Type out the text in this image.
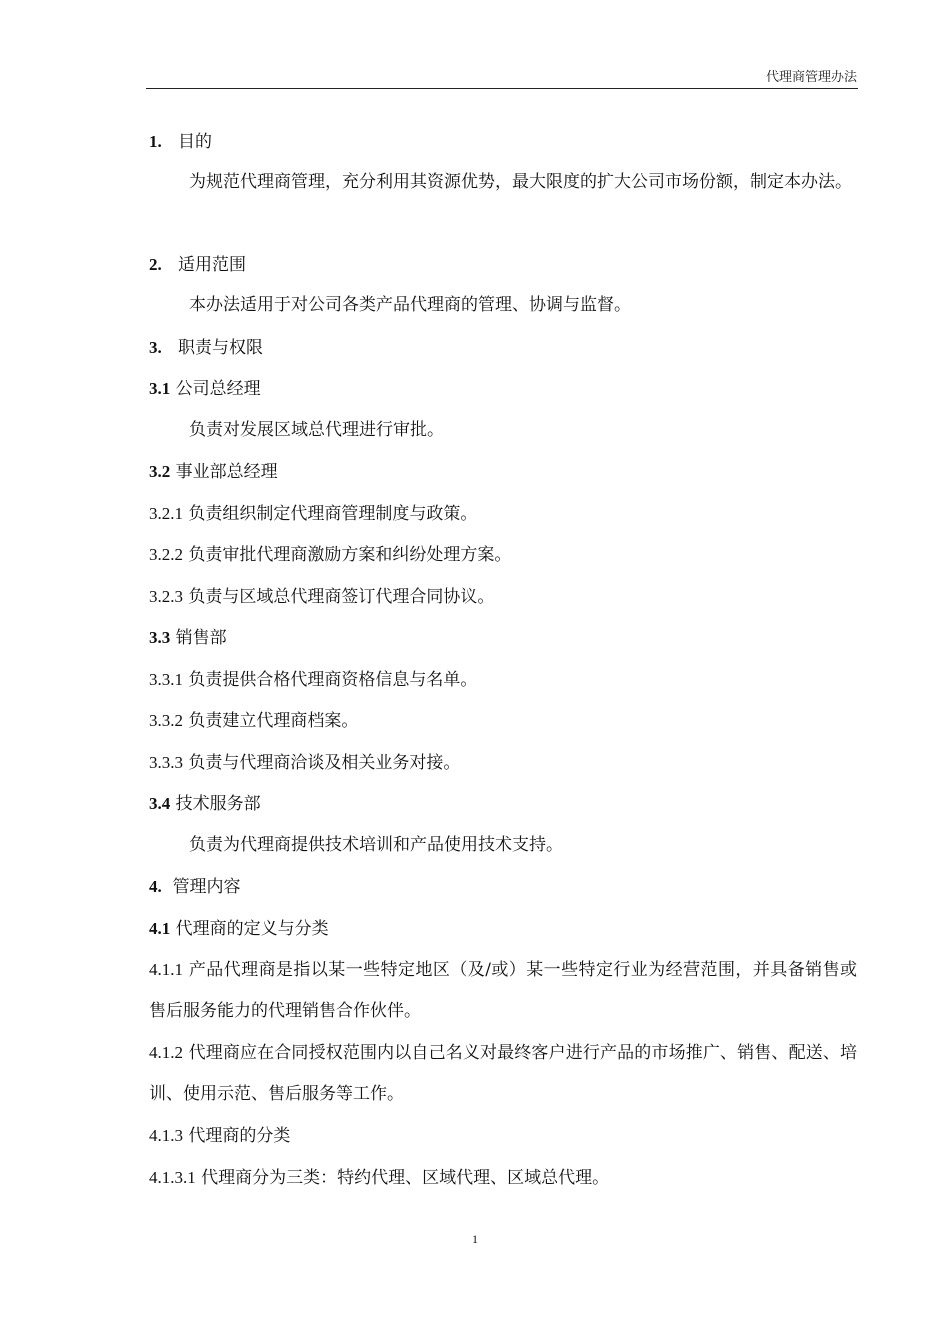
代理商管理办法
1. 目的
为规范代理商管理，充分利用其资源优势，最大限度的扩大公司市场份额，制定本办法。
2. 适用范围
本办法适用于对公司各类产品代理商的管理、协调与监督。
3. 职责与权限
3.1 公司总经理
负责对发展区域总代理进行审批。
3.2 事业部总经理
3.2.1 负责组织制定代理商管理制度与政策。
3.2.2 负责审批代理商激励方案和纠纷处理方案。
3.2.3 负责与区域总代理商签订代理合同协议。
3.3 销售部
3.3.1 负责提供合格代理商资格信息与名单。
3.3.2 负责建立代理商档案。
3.3.3 负责与代理商洽谈及相关业务对接。
3.4 技术服务部
负责为代理商提供技术培训和产品使用技术支持。
4. 管理内容
4.1 代理商的定义与分类
4.1.1 产品代理商是指以某一些特定地区（及/或）某一些特定行业为经营范围，并具备销售或售后服务能力的代理销售合作伙伴。
4.1.2 代理商应在合同授权范围内以自己名义对最终客户进行产品的市场推广、销售、配送、培训、使用示范、售后服务等工作。
4.1.3 代理商的分类
4.1.3.1 代理商分为三类：特约代理、区域代理、区域总代理。
1
